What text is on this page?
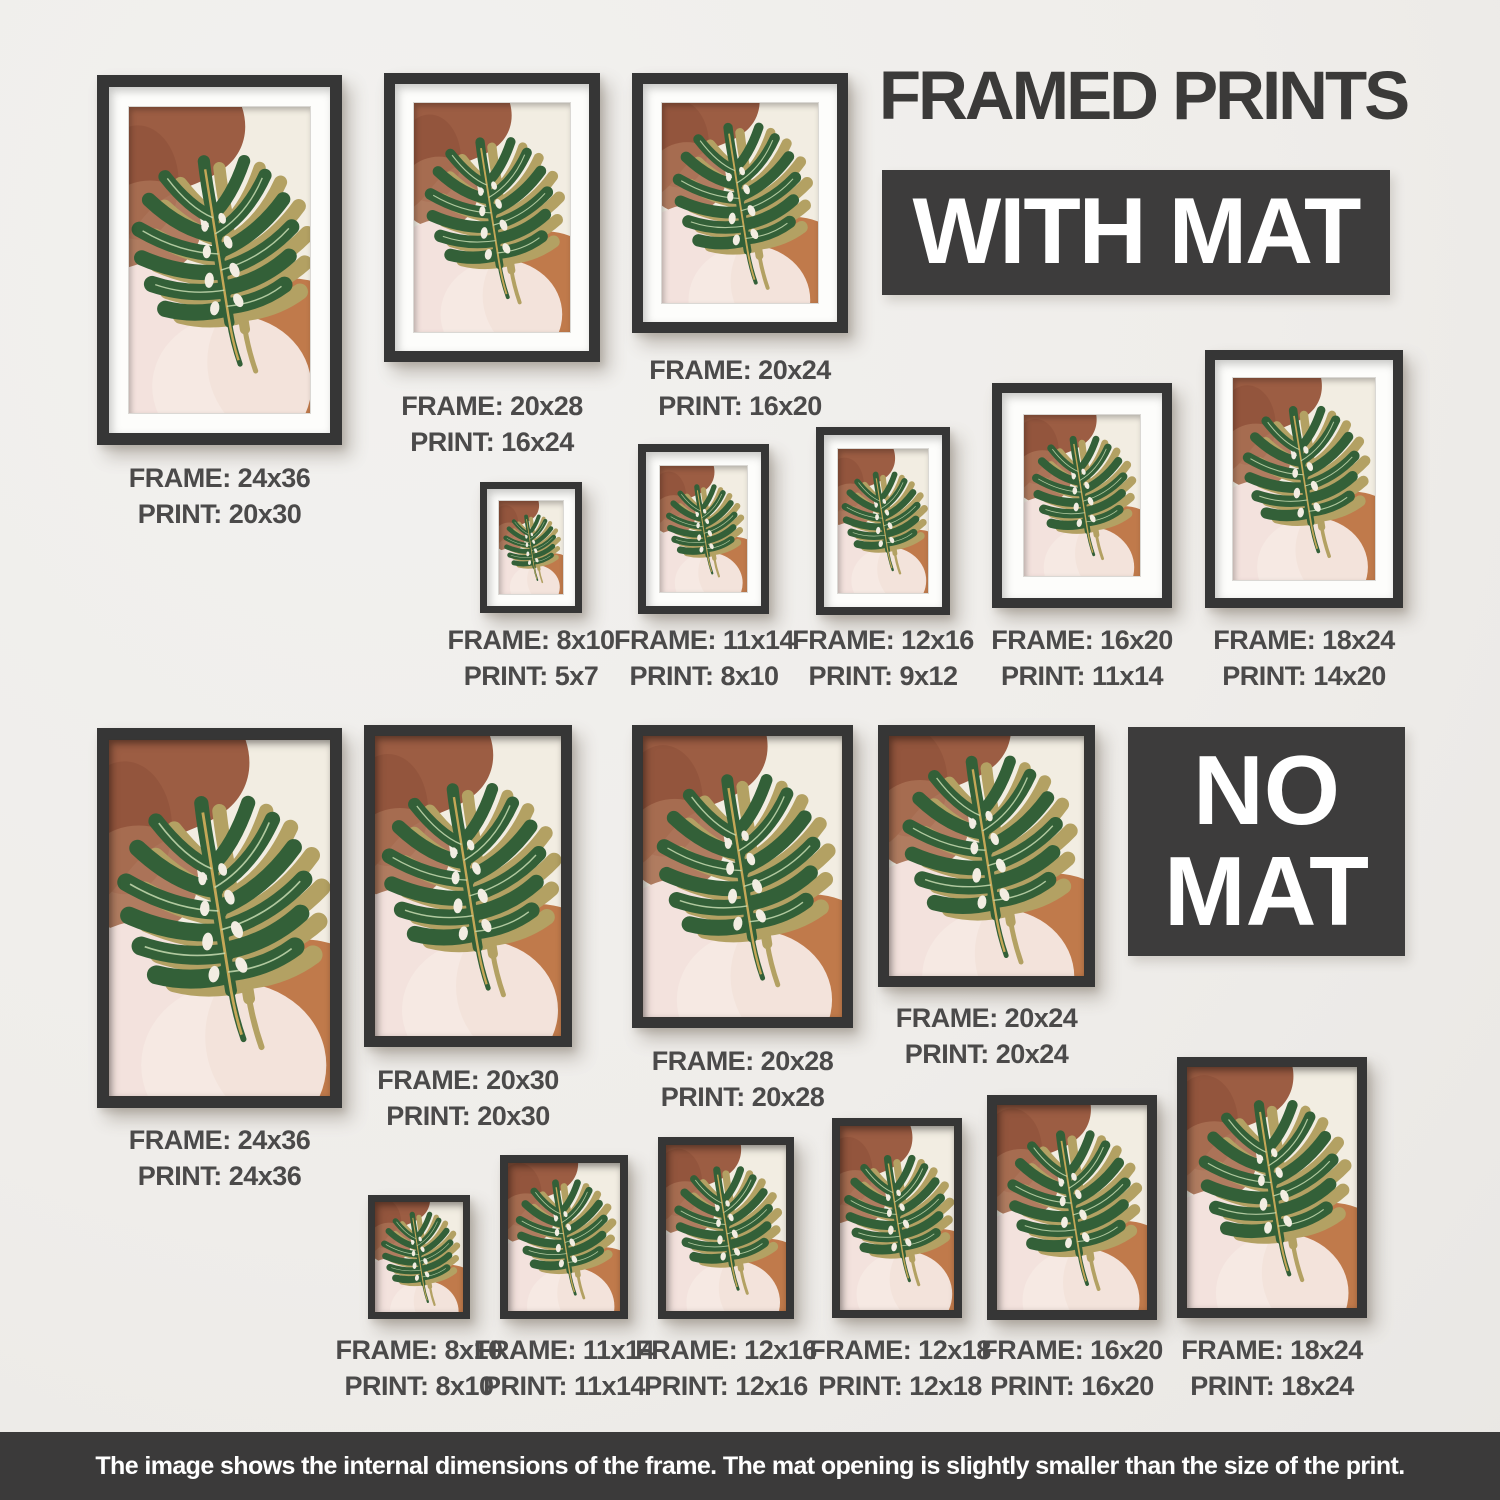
FRAMED PRINTS
WITH MAT
FRAME: 24x36
PRINT: 20x30
FRAME: 20x28
PRINT: 16x24
FRAME: 20x24
PRINT: 16x20
FRAME: 8x10
PRINT: 5x7
FRAME: 11x14
PRINT: 8x10
FRAME: 12x16
PRINT: 9x12
FRAME: 16x20
PRINT: 11x14
FRAME: 18x24
PRINT: 14x20
NO
MAT
FRAME: 24x36
PRINT: 24x36
FRAME: 20x30
PRINT: 20x30
FRAME: 20x28
PRINT: 20x28
FRAME: 20x24
PRINT: 20x24
FRAME: 8x10
PRINT: 8x10
FRAME: 11x14
PRINT: 11x14
FRAME: 12x16
PRINT: 12x16
FRAME: 12x18
PRINT: 12x18
FRAME: 16x20
PRINT: 16x20
FRAME: 18x24
PRINT: 18x24
The image shows the internal dimensions of the frame. The mat opening is slightly smaller than the size of the print.
